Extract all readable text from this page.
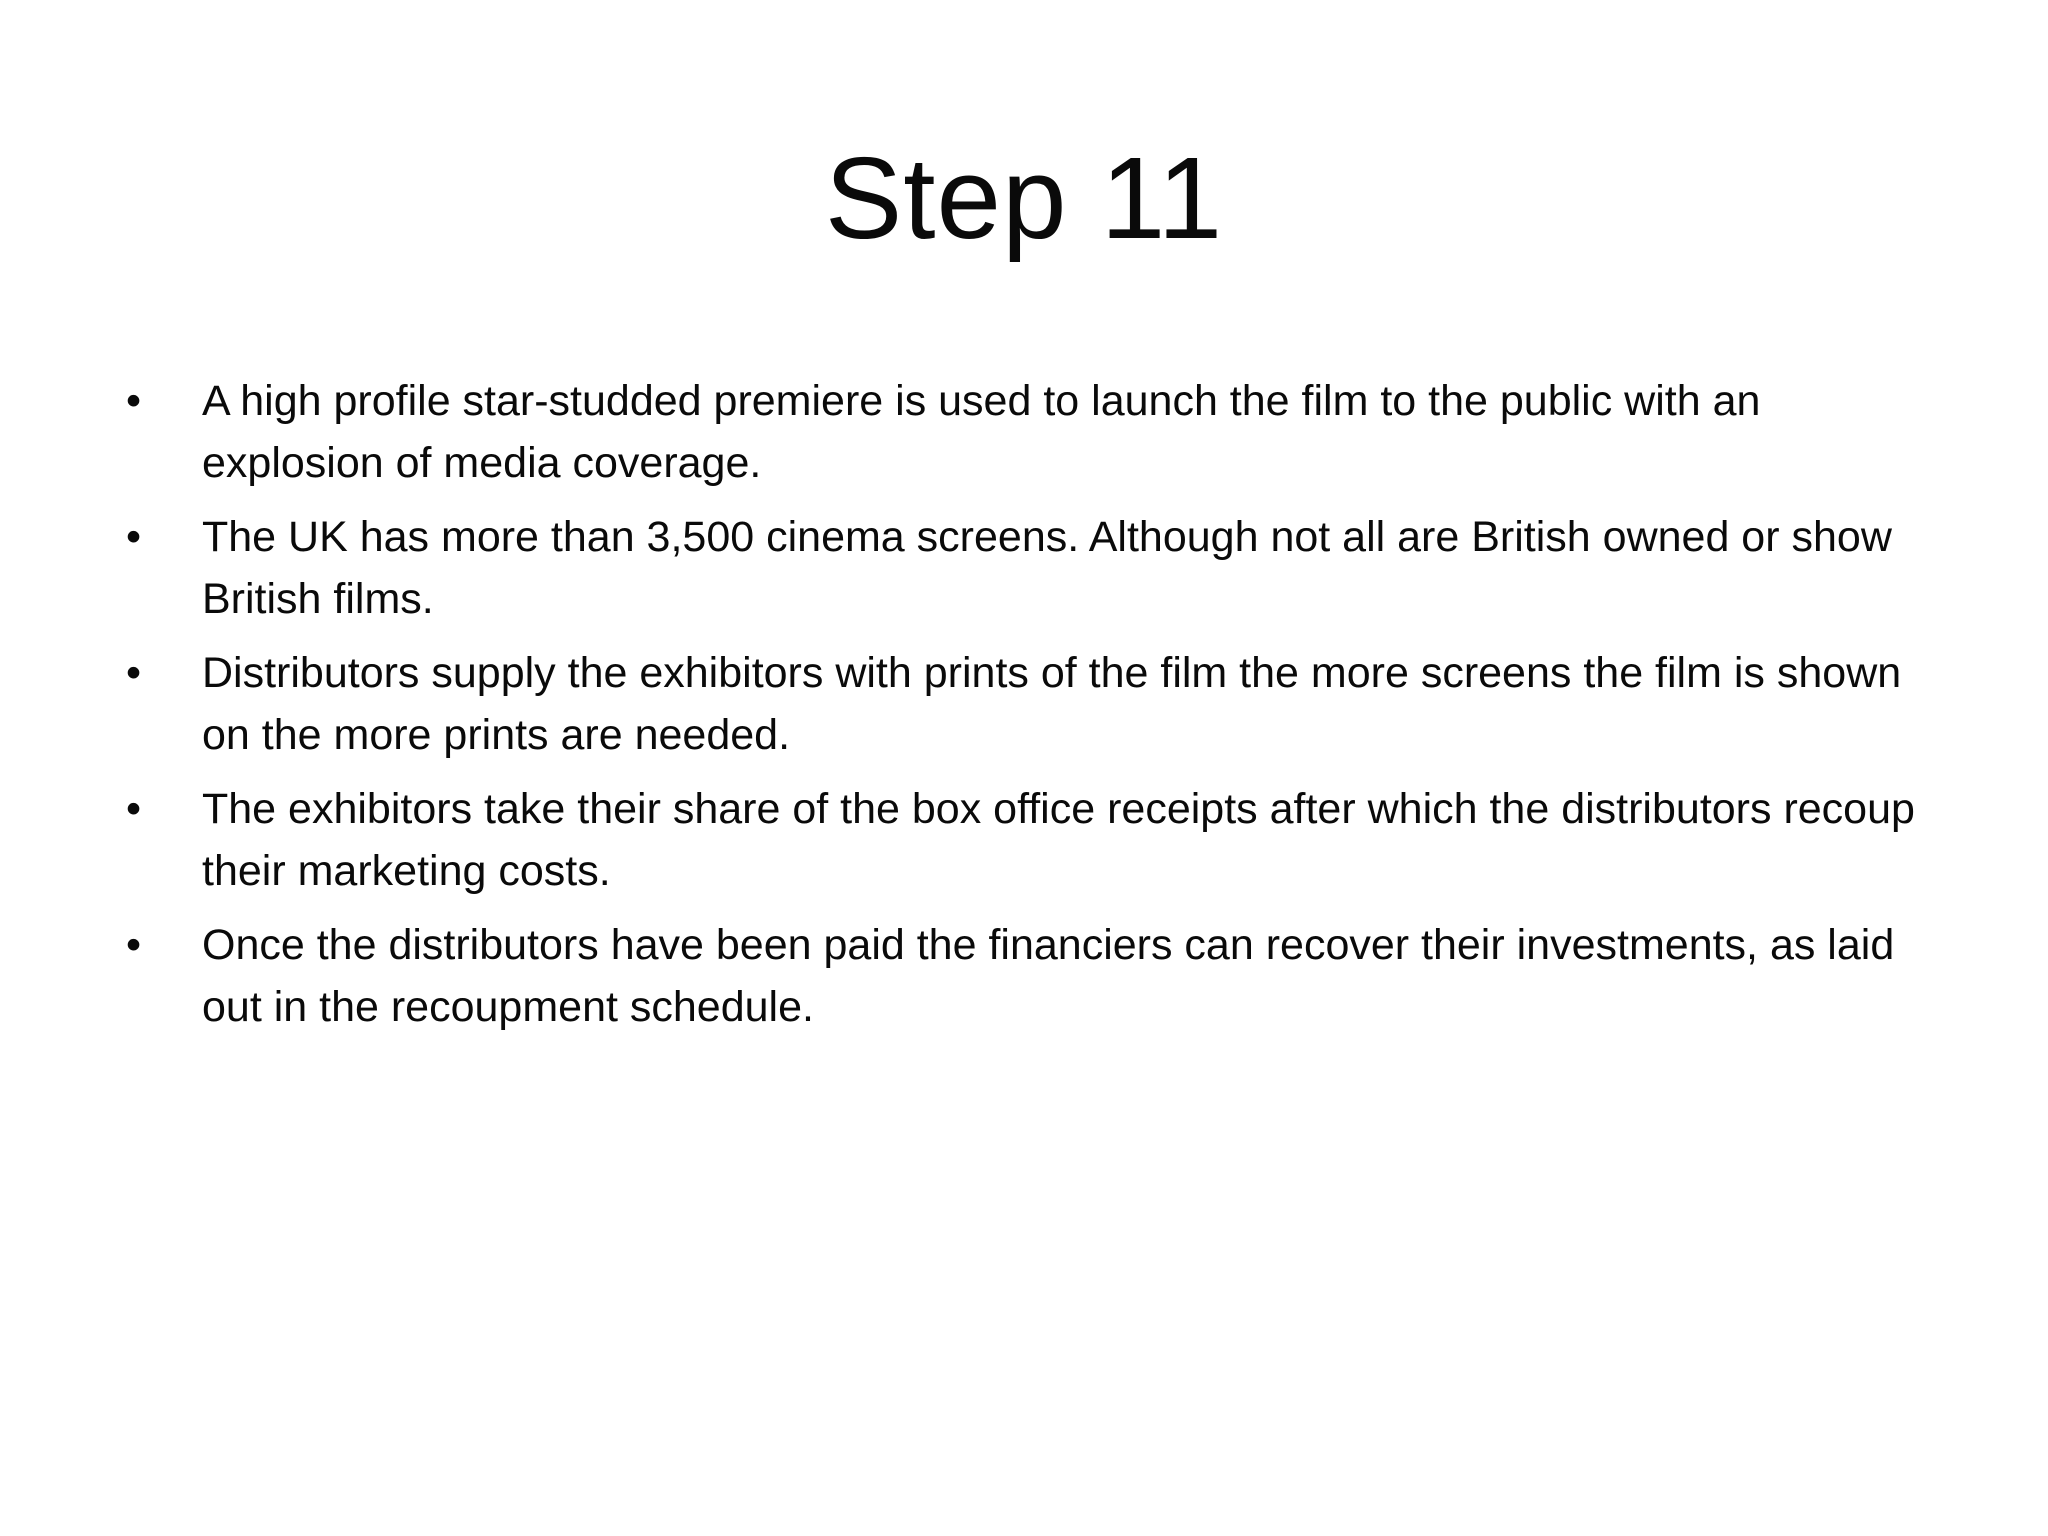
Step 11
• A high profile star-studded premiere is used to launch the film to the public with an explosion of media coverage.
• The UK has more than 3,500 cinema screens. Although not all are British owned or show British films.
• Distributors supply the exhibitors with prints of the film the more screens the film is shown on the more prints are needed.
• The exhibitors take their share of the box office receipts after which the distributors recoup their marketing costs.
• Once the distributors have been paid the financiers can recover their investments, as laid out in the recoupment schedule.
